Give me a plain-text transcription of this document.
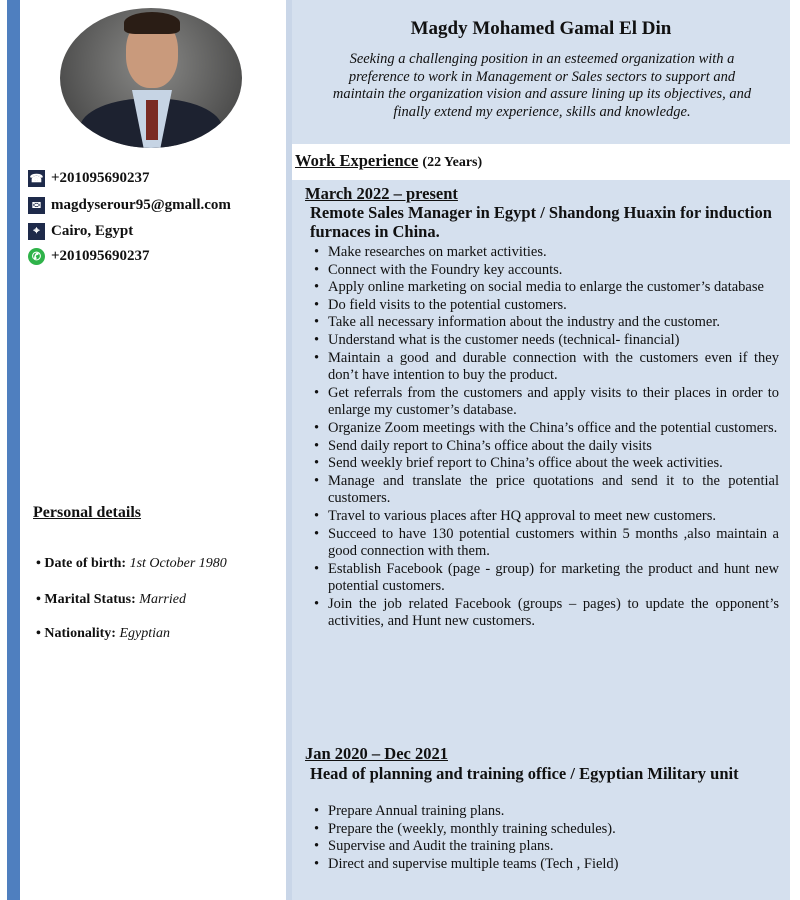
☎ +201095690237
✉ magdyserour95@gmall.com
⌖ Cairo, Egypt
✆ +201095690237
Personal details
• Date of birth: 1st October 1980
• Marital Status: Married
• Nationality: Egyptian
Magdy Mohamed Gamal El Din
Seeking a challenging position in an esteemed organization with a preference to work in Management or Sales sectors to support and maintain the organization vision and assure lining up its objectives, and finally extend my experience, skills and knowledge.
Work Experience (22 Years)
March 2022 – present
Remote Sales Manager in Egypt / Shandong Huaxin for induction furnaces in China.
• Make researches on market activities.
• Connect with the Foundry key accounts.
• Apply online marketing on social media to enlarge the customer’s database
• Do field visits to the potential customers.
• Take all necessary information about the industry and the customer.
• Understand what is the customer needs (technical- financial)
• Maintain a good and durable connection with the customers even if they don’t have intention to buy the product.
• Get referrals from the customers and apply visits to their places in order to enlarge my customer’s database.
• Organize Zoom meetings with the China’s office and the potential customers.
• Send daily report to China’s office about the daily visits
• Send weekly brief report to China’s office about the week activities.
• Manage and translate the price quotations and send it to the potential customers.
• Travel to various places after HQ approval to meet new customers.
• Succeed to have 130 potential customers within 5 months ,also maintain a good connection with them.
• Establish Facebook (page - group) for marketing the product and hunt new potential customers.
• Join the job related Facebook (groups – pages) to update the opponent’s activities, and Hunt new customers.
Jan 2020 – Dec 2021
Head of planning and training office / Egyptian Military unit
• Prepare Annual training plans.
• Prepare the (weekly, monthly training schedules).
• Supervise and Audit the training plans.
• Direct and supervise multiple teams (Tech , Field)
